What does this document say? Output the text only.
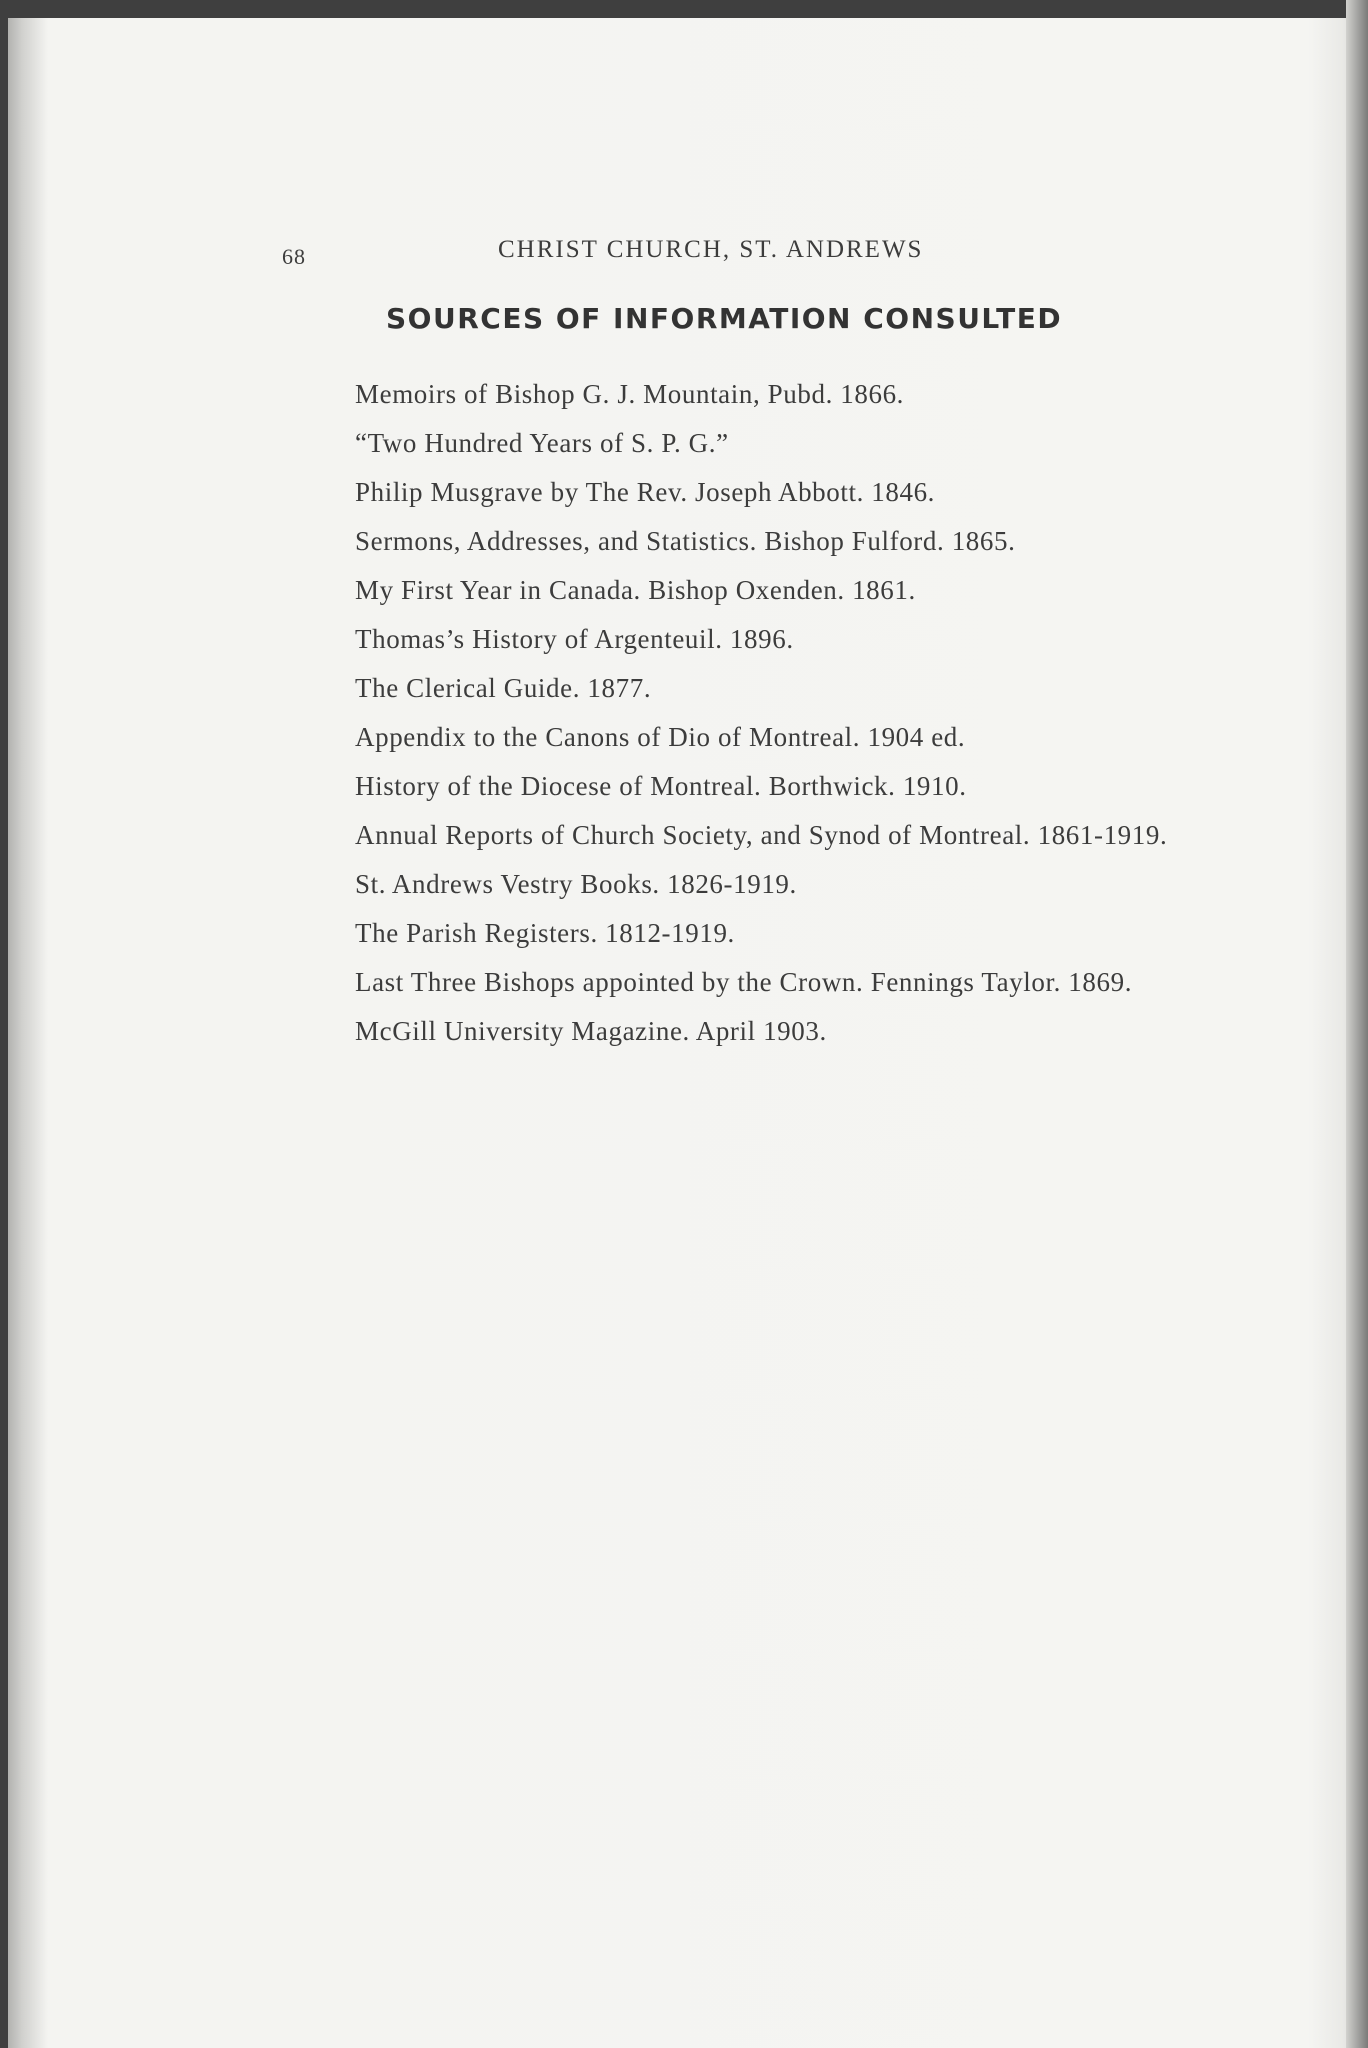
68	CHRIST CHURCH, ST. ANDREWS
SOURCES OF INFORMATION CONSULTED
Memoirs of Bishop G. J. Mountain, Pubd. 1866.
“Two Hundred Years of S. P. G.”
Philip Musgrave by The Rev. Joseph Abbott. 1846.
Sermons, Addresses, and Statistics. Bishop Fulford. 1865.
My First Year in Canada. Bishop Oxenden. 1861.
Thomas’s History of Argenteuil. 1896.
The Clerical Guide. 1877.
Appendix to the Canons of Dio of Montreal. 1904 ed.
History of the Diocese of Montreal. Borthwick. 1910.
Annual Reports of Church Society, and Synod of Montreal. 1861-1919.
St. Andrews Vestry Books. 1826-1919.
The Parish Registers. 1812-1919.
Last Three Bishops appointed by the Crown. Fennings Taylor. 1869.
McGill University Magazine. April 1903.
